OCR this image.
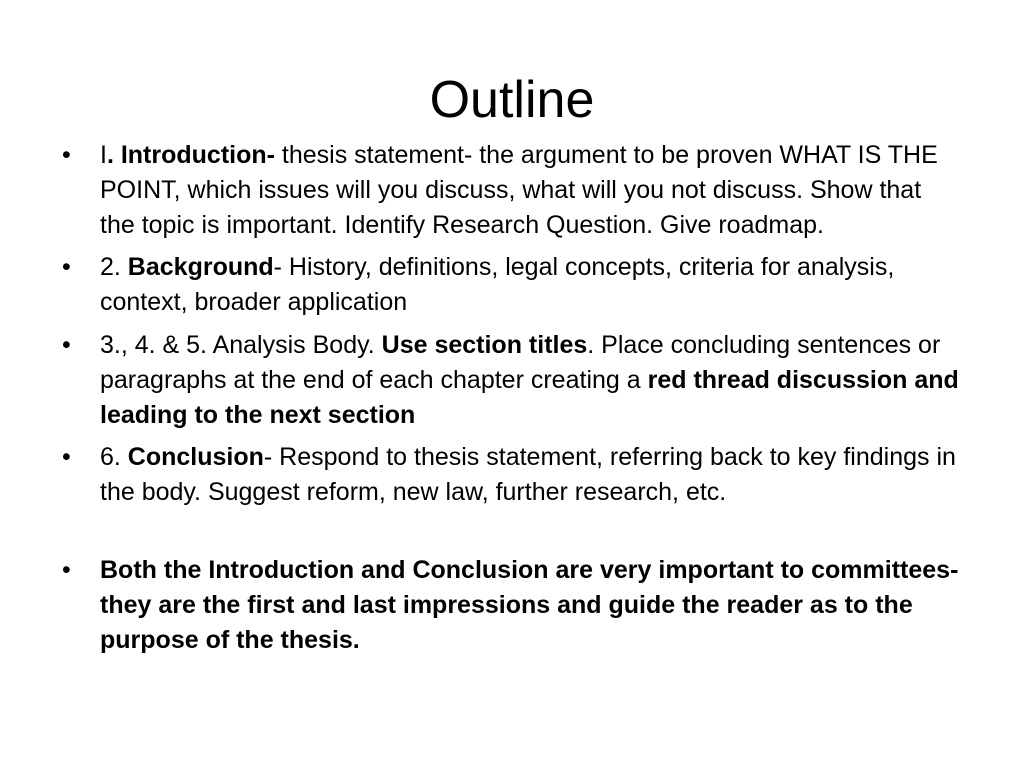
Outline
• I. Introduction- thesis statement- the argument to be proven WHAT IS THE POINT, which issues will you discuss, what will you not discuss. Show that the topic is important. Identify Research Question. Give roadmap.
• 2. Background- History, definitions, legal concepts, criteria for analysis, context, broader application
• 3., 4. & 5. Analysis Body. Use section titles. Place concluding sentences or paragraphs at the end of each chapter creating a red thread discussion and leading to the next section
• 6. Conclusion- Respond to thesis statement, referring back to key findings in the body. Suggest reform, new law, further research, etc.
• Both the Introduction and Conclusion are very important to committees- they are the first and last impressions and guide the reader as to the purpose of the thesis.
